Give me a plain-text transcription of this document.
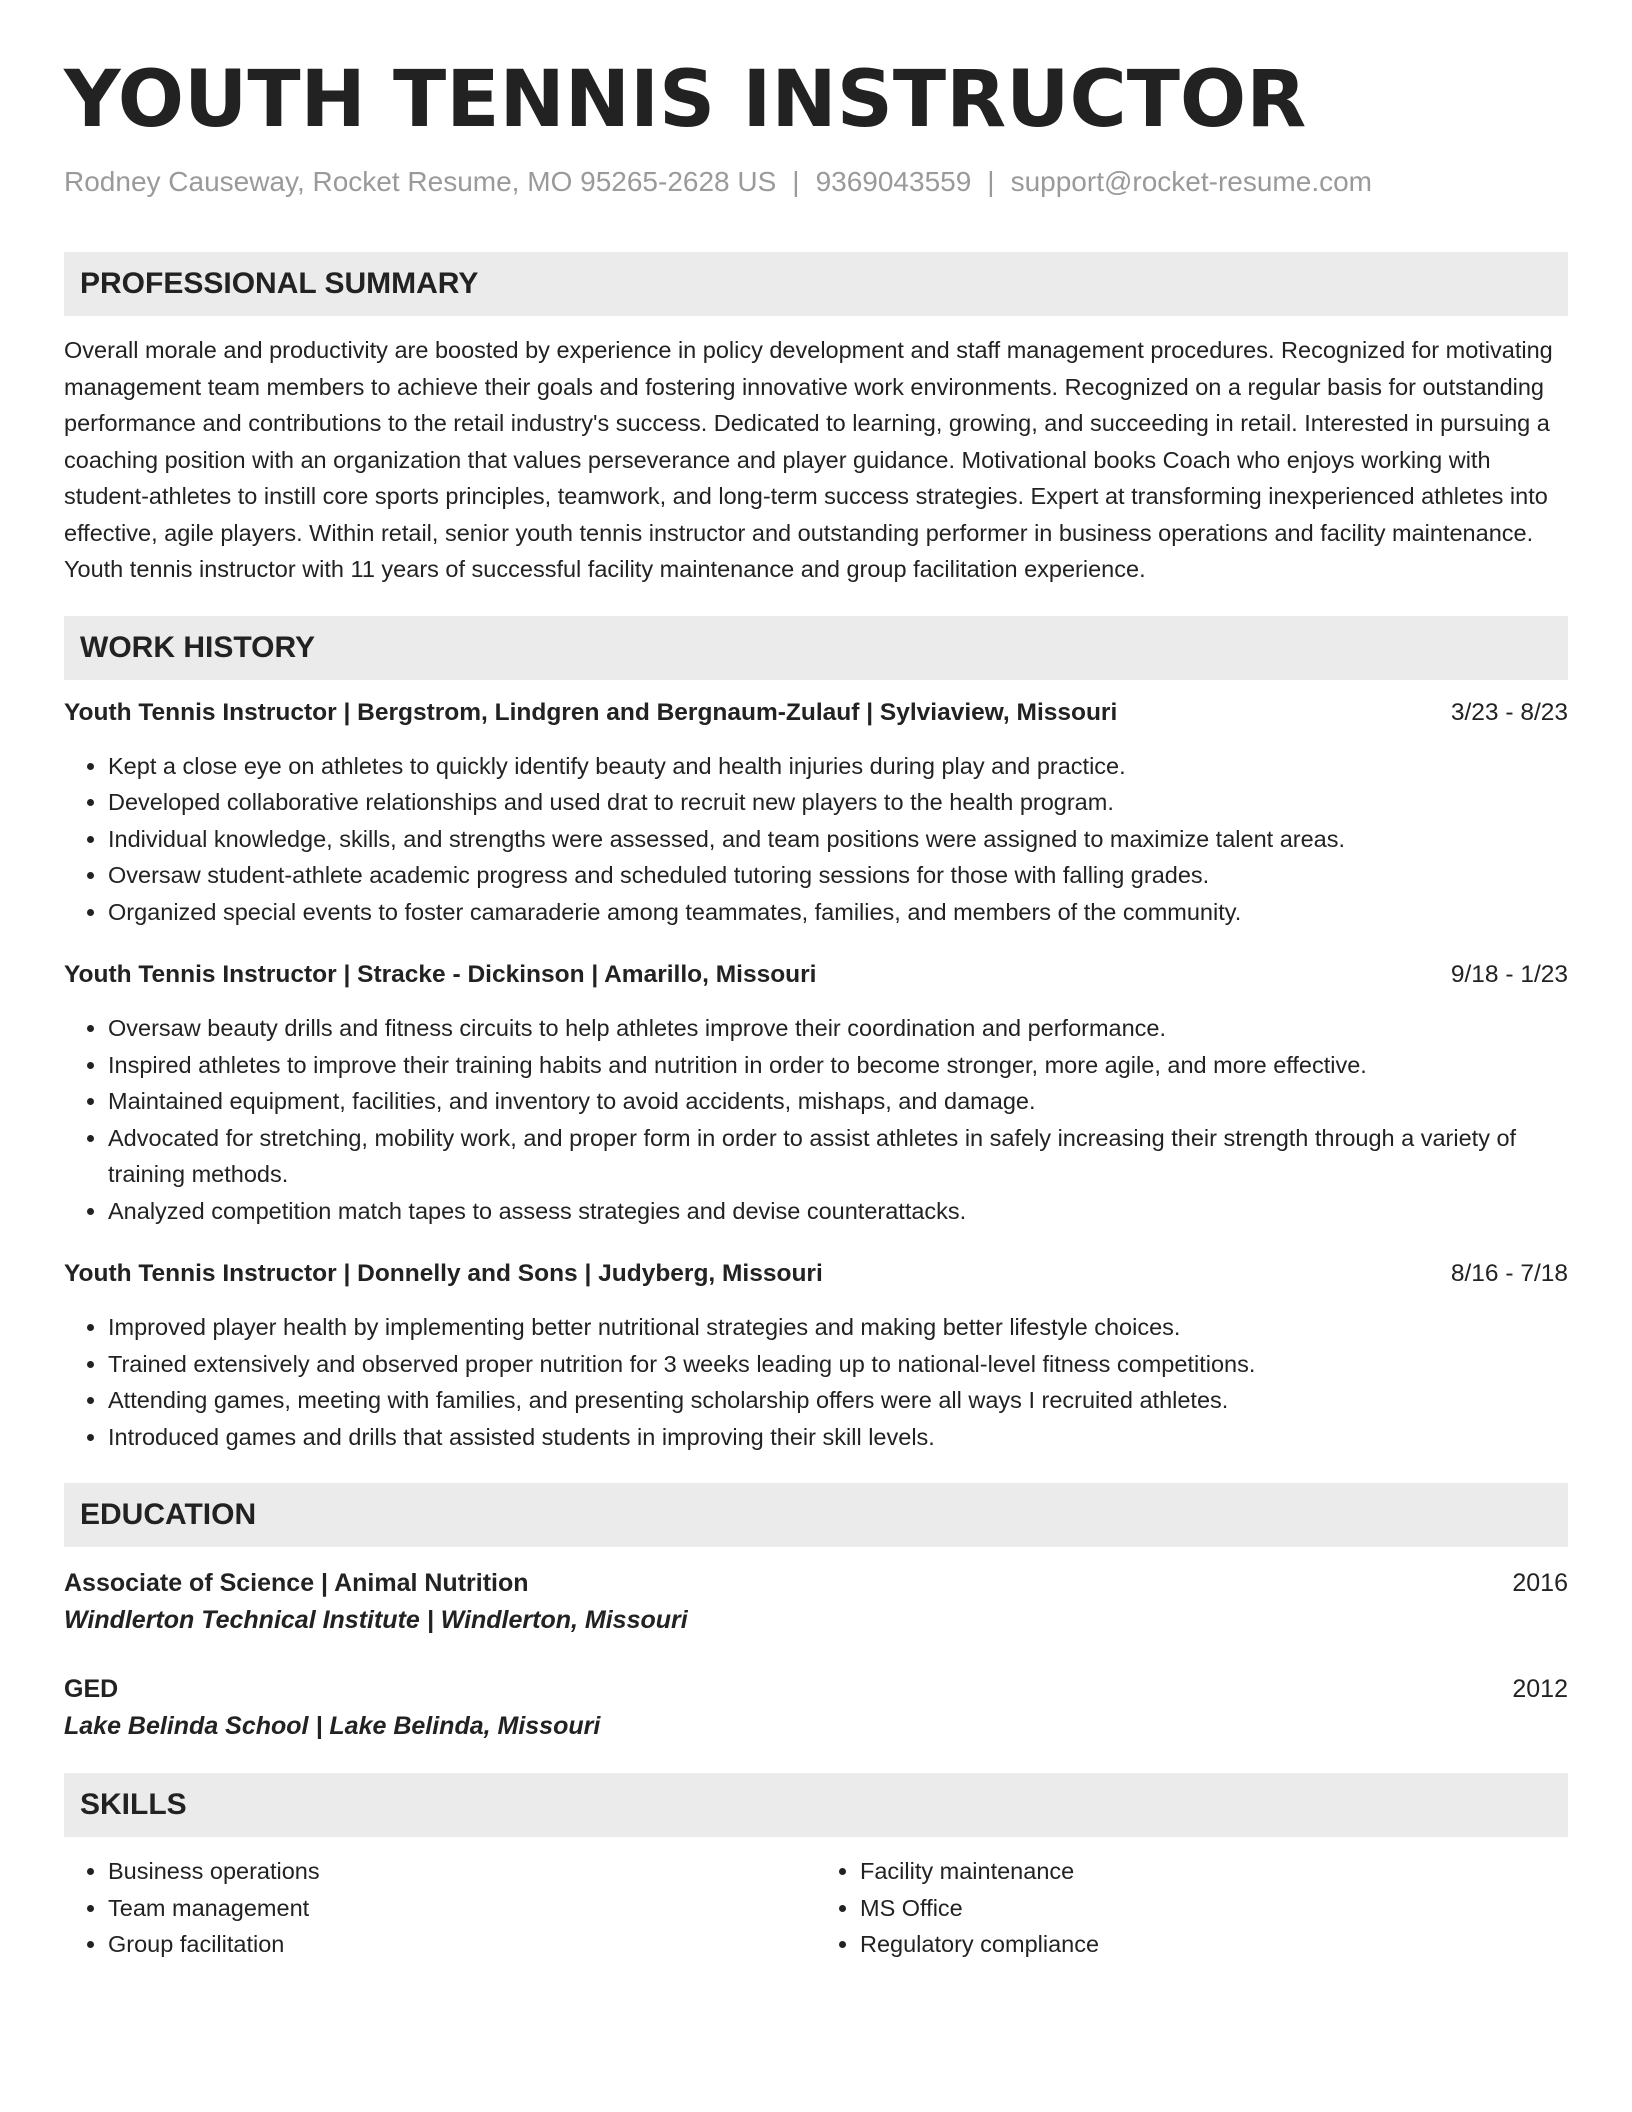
YOUTH TENNIS INSTRUCTOR
Rodney Causeway, Rocket Resume, MO 95265-2628 US | 9369043559 | support@rocket-resume.com
PROFESSIONAL SUMMARY

Overall morale and productivity are boosted by experience in policy development and staff management procedures. Recognized for motivating management team members to achieve their goals and fostering innovative work environments. Recognized on a regular basis for outstanding performance and contributions to the retail industry's success. Dedicated to learning, growing, and succeeding in retail. Interested in pursuing a coaching position with an organization that values perseverance and player guidance. Motivational books Coach who enjoys working with student-athletes to instill core sports principles, teamwork, and long-term success strategies. Expert at transforming inexperienced athletes into effective, agile players. Within retail, senior youth tennis instructor and outstanding performer in business operations and facility maintenance. Youth tennis instructor with 11 years of successful facility maintenance and group facilitation experience.

WORK HISTORY
Youth Tennis Instructor | Bergstrom, Lindgren and Bergnaum-Zulauf | Sylviaview, Missouri	3/23 - 8/23
• Kept a close eye on athletes to quickly identify beauty and health injuries during play and practice.
• Developed collaborative relationships and used drat to recruit new players to the health program.
• Individual knowledge, skills, and strengths were assessed, and team positions were assigned to maximize talent areas.
• Oversaw student-athlete academic progress and scheduled tutoring sessions for those with falling grades.
• Organized special events to foster camaraderie among teammates, families, and members of the community.
Youth Tennis Instructor | Stracke - Dickinson | Amarillo, Missouri	9/18 - 1/23
• Oversaw beauty drills and fitness circuits to help athletes improve their coordination and performance.
• Inspired athletes to improve their training habits and nutrition in order to become stronger, more agile, and more effective.
• Maintained equipment, facilities, and inventory to avoid accidents, mishaps, and damage.
• Advocated for stretching, mobility work, and proper form in order to assist athletes in safely increasing their strength through a variety of training methods.
• Analyzed competition match tapes to assess strategies and devise counterattacks.
Youth Tennis Instructor | Donnelly and Sons | Judyberg, Missouri	8/16 - 7/18
• Improved player health by implementing better nutritional strategies and making better lifestyle choices.
• Trained extensively and observed proper nutrition for 3 weeks leading up to national-level fitness competitions.
• Attending games, meeting with families, and presenting scholarship offers were all ways I recruited athletes.
• Introduced games and drills that assisted students in improving their skill levels.
EDUCATION
Associate of Science | Animal Nutrition	2016
Windlerton Technical Institute | Windlerton, Missouri
GED	2012
Lake Belinda School | Lake Belinda, Missouri
SKILLS
• Business operations
• Team management
• Group facilitation
• Facility maintenance
• MS Office
• Regulatory compliance
